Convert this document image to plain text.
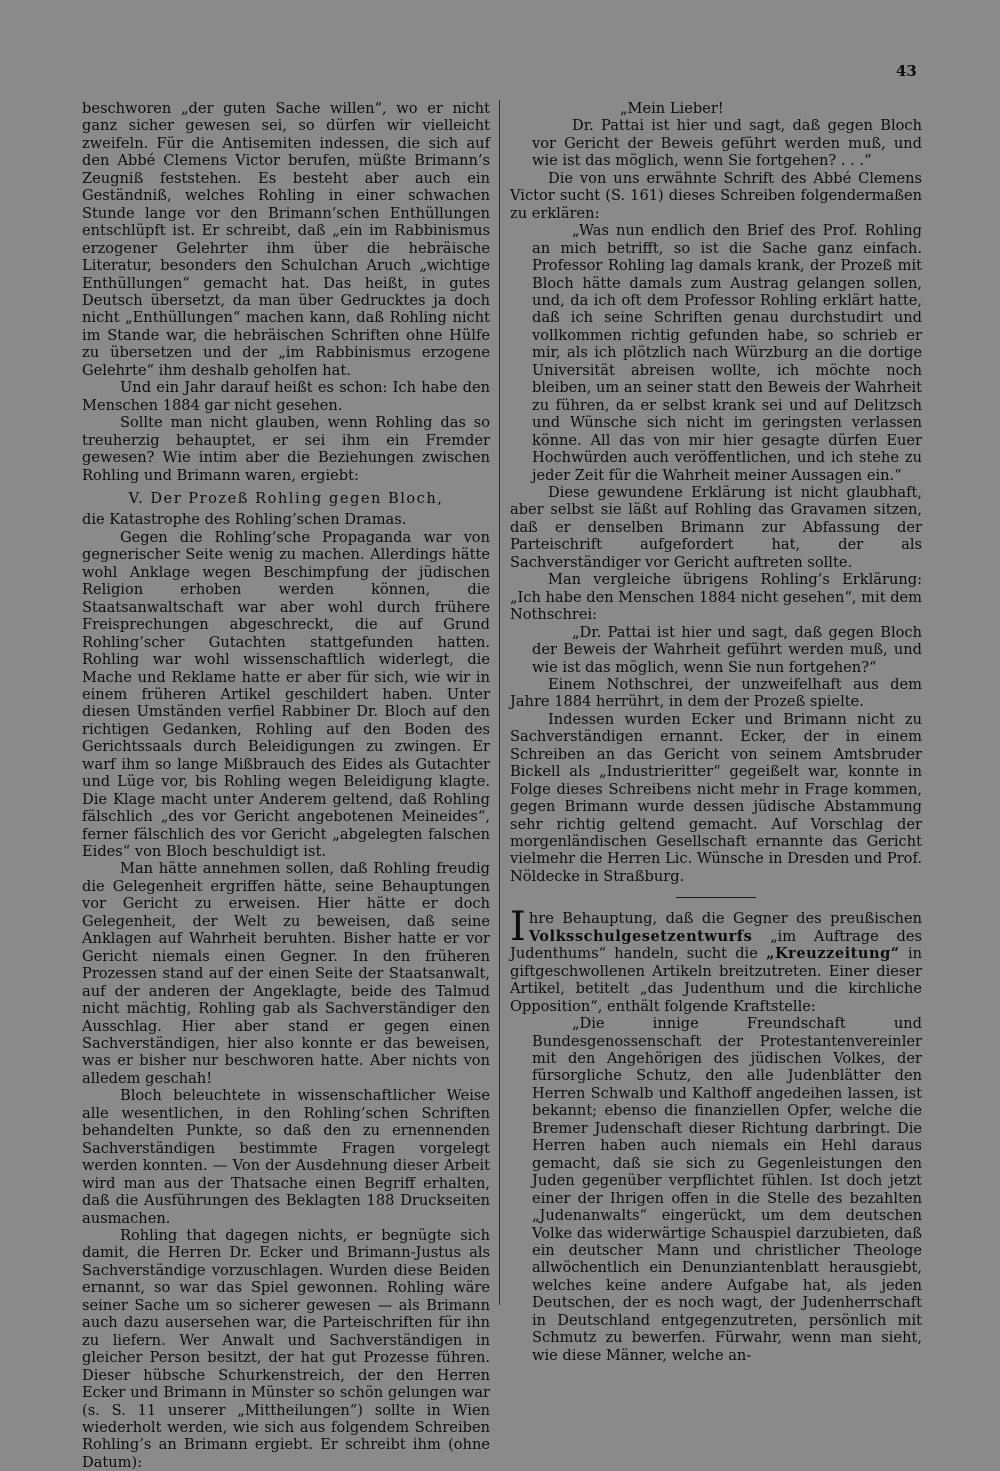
43

beschworen „der guten Sache willen“, wo er nicht ganz sicher gewesen sei, so dürfen wir vielleicht zweifeln. Für die Antisemiten indessen, die sich auf den Abbé Clemens Victor berufen, müßte Brimann’s Zeugniß feststehen. Es besteht aber auch ein Geständniß, welches Rohling in einer schwachen Stunde lange vor den Brimann’schen Enthüllungen entschlüpft ist. Er schreibt, daß „ein im Rabbinismus erzogener Gelehrter ihm über die hebräische Literatur, besonders den Schulchan Aruch „wichtige Enthüllungen“ gemacht hat. Das heißt, in gutes Deutsch übersetzt, da man über Gedrucktes ja doch nicht „Enthüllungen“ machen kann, daß Rohling nicht im Stande war, die hebräischen Schriften ohne Hülfe zu übersetzen und der „im Rabbinismus erzogene Gelehrte“ ihm deshalb geholfen hat.

Und ein Jahr darauf heißt es schon: Ich habe den Menschen 1884 gar nicht gesehen.

Sollte man nicht glauben, wenn Rohling das so treuherzig behauptet, er sei ihm ein Fremder gewesen? Wie intim aber die Beziehungen zwischen Rohling und Brimann waren, ergiebt:

V. Der Prozeß Rohling gegen Bloch,

die Katastrophe des Rohling’schen Dramas.

Gegen die Rohling’sche Propaganda war von gegnerischer Seite wenig zu machen. Allerdings hätte wohl Anklage wegen Beschimpfung der jüdischen Religion erhoben werden können, die Staatsanwaltschaft war aber wohl durch frühere Freisprechungen abgeschreckt, die auf Grund Rohling’scher Gutachten stattgefunden hatten. Rohling war wohl wissenschaftlich widerlegt, die Mache und Reklame hatte er aber für sich, wie wir in einem früheren Artikel geschildert haben. Unter diesen Umständen verfiel Rabbiner Dr. Bloch auf den richtigen Gedanken, Rohling auf den Boden des Gerichtssaals durch Beleidigungen zu zwingen. Er warf ihm so lange Mißbrauch des Eides als Gutachter und Lüge vor, bis Rohling wegen Beleidigung klagte. Die Klage macht unter Anderem geltend, daß Rohling fälschlich „des vor Gericht angebotenen Meineides“, ferner fälschlich des vor Gericht „abgelegten falschen Eides“ von Bloch beschuldigt ist.

Man hätte annehmen sollen, daß Rohling freudig die Gelegenheit ergriffen hätte, seine Behauptungen vor Gericht zu erweisen. Hier hätte er doch Gelegenheit, der Welt zu beweisen, daß seine Anklagen auf Wahrheit beruhten. Bisher hatte er vor Gericht niemals einen Gegner. In den früheren Prozessen stand auf der einen Seite der Staatsanwalt, auf der anderen der Angeklagte, beide des Talmud nicht mächtig, Rohling gab als Sachverständiger den Ausschlag. Hier aber stand er gegen einen Sachverständigen, hier also konnte er das beweisen, was er bisher nur beschworen hatte. Aber nichts von alledem geschah!

Bloch beleuchtete in wissenschaftlicher Weise alle wesentlichen, in den Rohling’schen Schriften behandelten Punkte, so daß den zu ernennenden Sachverständigen bestimmte Fragen vorgelegt werden konnten. — Von der Ausdehnung dieser Arbeit wird man aus der Thatsache einen Begriff erhalten, daß die Ausführungen des Beklagten 188 Druckseiten ausmachen.

Rohling that dagegen nichts, er begnügte sich damit, die Herren Dr. Ecker und Brimann-Justus als Sachverständige vorzuschlagen. Wurden diese Beiden ernannt, so war das Spiel gewonnen. Rohling wäre seiner Sache um so sicherer gewesen — als Brimann auch dazu ausersehen war, die Parteischriften für ihn zu liefern. Wer Anwalt und Sachverständigen in gleicher Person besitzt, der hat gut Prozesse führen. Dieser hübsche Schurkenstreich, der den Herren Ecker und Brimann in Münster so schön gelungen war (s. S. 11 unserer „Mittheilungen“) sollte in Wien wiederholt werden, wie sich aus folgendem Schreiben Rohling’s an Brimann ergiebt. Er schreibt ihm (ohne Datum):

„Mein Lieber!

Dr. Pattai ist hier und sagt, daß gegen Bloch vor Gericht der Beweis geführt werden muß, und wie ist das möglich, wenn Sie fortgehen? . . .“

Die von uns erwähnte Schrift des Abbé Clemens Victor sucht (S. 161) dieses Schreiben folgendermaßen zu erklären:

„Was nun endlich den Brief des Prof. Rohling an mich betrifft, so ist die Sache ganz einfach. Professor Rohling lag damals krank, der Prozeß mit Bloch hätte damals zum Austrag gelangen sollen, und, da ich oft dem Professor Rohling erklärt hatte, daß ich seine Schriften genau durchstudirt und vollkommen richtig gefunden habe, so schrieb er mir, als ich plötzlich nach Würzburg an die dortige Universität abreisen wollte, ich möchte noch bleiben, um an seiner statt den Beweis der Wahrheit zu führen, da er selbst krank sei und auf Delitzsch und Wünsche sich nicht im geringsten verlassen könne. All das von mir hier gesagte dürfen Euer Hochwürden auch veröffentlichen, und ich stehe zu jeder Zeit für die Wahrheit meiner Aussagen ein.“

Diese gewundene Erklärung ist nicht glaubhaft, aber selbst sie läßt auf Rohling das Gravamen sitzen, daß er denselben Brimann zur Abfassung der Parteischrift aufgefordert hat, der als Sachverständiger vor Gericht auftreten sollte.

Man vergleiche übrigens Rohling’s Erklärung: „Ich habe den Menschen 1884 nicht gesehen“, mit dem Nothschrei:

„Dr. Pattai ist hier und sagt, daß gegen Bloch der Beweis der Wahrheit geführt werden muß, und wie ist das möglich, wenn Sie nun fortgehen?“

Einem Nothschrei, der unzweifelhaft aus dem Jahre 1884 herrührt, in dem der Prozeß spielte.

Indessen wurden Ecker und Brimann nicht zu Sachverständigen ernannt. Ecker, der in einem Schreiben an das Gericht von seinem Amtsbruder Bickell als „Industrieritter“ gegeißelt war, konnte in Folge dieses Schreibens nicht mehr in Frage kommen, gegen Brimann wurde dessen jüdische Abstammung sehr richtig geltend gemacht. Auf Vorschlag der morgenländischen Gesellschaft ernannte das Gericht vielmehr die Herren Lic. Wünsche in Dresden und Prof. Nöldecke in Straßburg.

Ihre Behauptung, daß die Gegner des preußischen Volksschulgesetzentwurfs „im Auftrage des Judenthums“ handeln, sucht die „Kreuzzeitung“ in giftgeschwollenen Artikeln breitzutreten. Einer dieser Artikel, betitelt „das Judenthum und die kirchliche Opposition“, enthält folgende Kraftstelle:

„Die innige Freundschaft und Bundesgenossenschaft der Protestantenvereinler mit den Angehörigen des jüdischen Volkes, der fürsorgliche Schutz, den alle Judenblätter den Herren Schwalb und Kalthoff angedeihen lassen, ist bekannt; ebenso die finanziellen Opfer, welche die Bremer Judenschaft dieser Richtung darbringt. Die Herren haben auch niemals ein Hehl daraus gemacht, daß sie sich zu Gegenleistungen den Juden gegenüber verpflichtet fühlen. Ist doch jetzt einer der Ihrigen offen in die Stelle des bezahlten „Judenanwalts“ eingerückt, um dem deutschen Volke das widerwärtige Schauspiel darzubieten, daß ein deutscher Mann und christlicher Theologe allwöchentlich ein Denunziantenblatt herausgiebt, welches keine andere Aufgabe hat, als jeden Deutschen, der es noch wagt, der Judenherrschaft in Deutschland entgegenzutreten, persönlich mit Schmutz zu bewerfen. Fürwahr, wenn man sieht, wie diese Männer, welche an-
